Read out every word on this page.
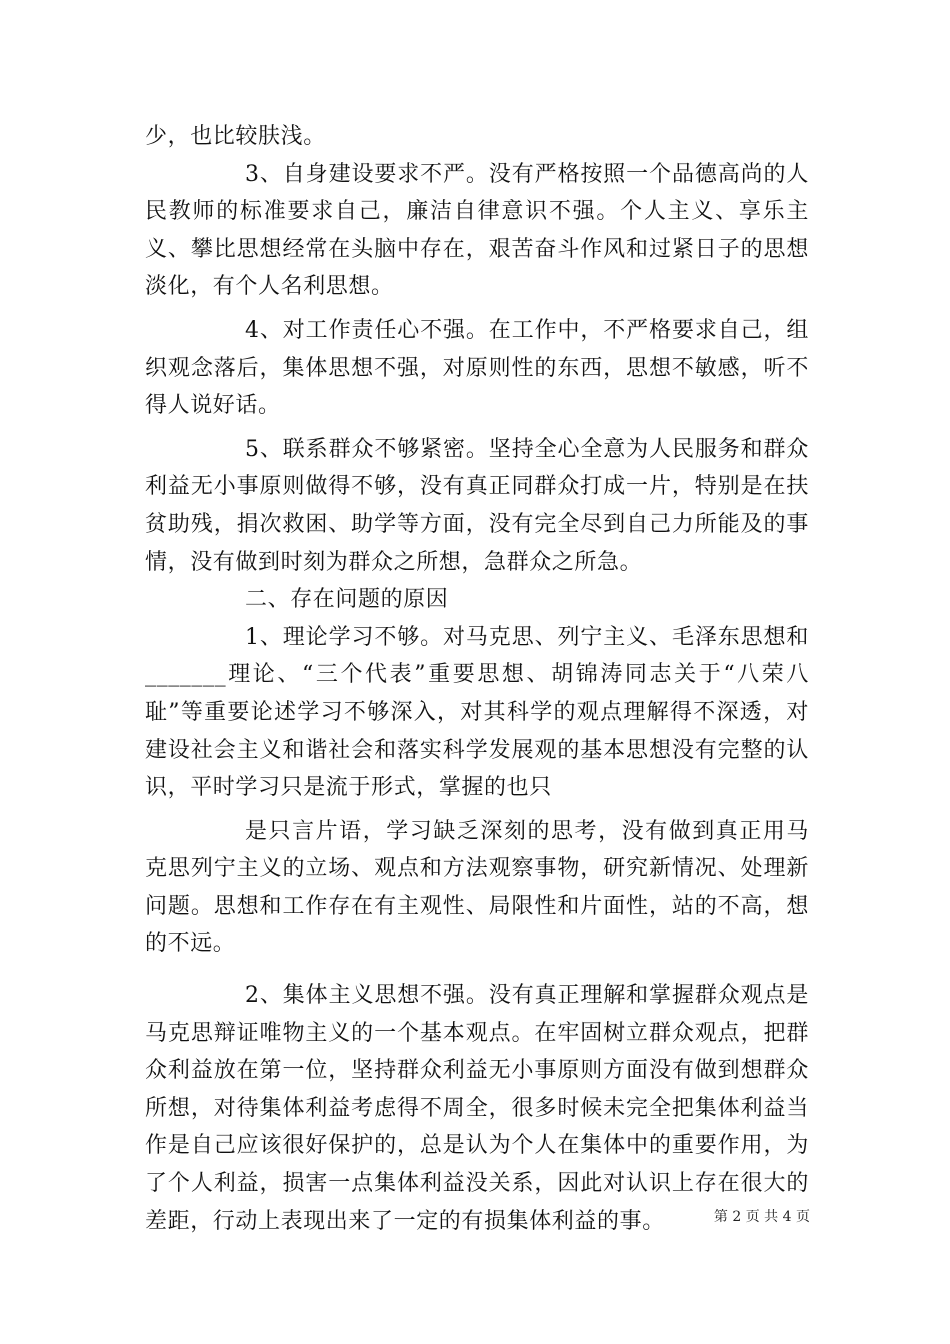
少，也比较肤浅。

3、自身建设要求不严。没有严格按照一个品德高尚的人民教师的标准要求自己，廉洁自律意识不强。个人主义、享乐主义、攀比思想经常在头脑中存在，艰苦奋斗作风和过紧日子的思想淡化，有个人名利思想。

4、对工作责任心不强。在工作中，不严格要求自己，组织观念落后，集体思想不强，对原则性的东西，思想不敏感，听不得人说好话。

5、联系群众不够紧密。坚持全心全意为人民服务和群众利益无小事原则做得不够，没有真正同群众打成一片，特别是在扶贫助残，捐次救困、助学等方面，没有完全尽到自己力所能及的事情，没有做到时刻为群众之所想，急群众之所急。

二、存在问题的原因

1、理论学习不够。对马克思、列宁主义、毛泽东思想和_______理论、“三个代表”重要思想、胡锦涛同志关于“八荣八耻”等重要论述学习不够深入，对其科学的观点理解得不深透，对建设社会主义和谐社会和落实科学发展观的基本思想没有完整的认识，平时学习只是流于形式，掌握的也只

是只言片语，学习缺乏深刻的思考，没有做到真正用马克思列宁主义的立场、观点和方法观察事物，研究新情况、处理新问题。思想和工作存在有主观性、局限性和片面性，站的不高，想的不远。

2、集体主义思想不强。没有真正理解和掌握群众观点是马克思辩证唯物主义的一个基本观点。在牢固树立群众观点，把群众利益放在第一位，坚持群众利益无小事原则方面没有做到想群众所想，对待集体利益考虑得不周全，很多时候未完全把集体利益当作是自己应该很好保护的，总是认为个人在集体中的重要作用，为了个人利益，损害一点集体利益没关系，因此对认识上存在很大的差距，行动上表现出来了一定的有损集体利益的事。	第 2 页 共 4 页
